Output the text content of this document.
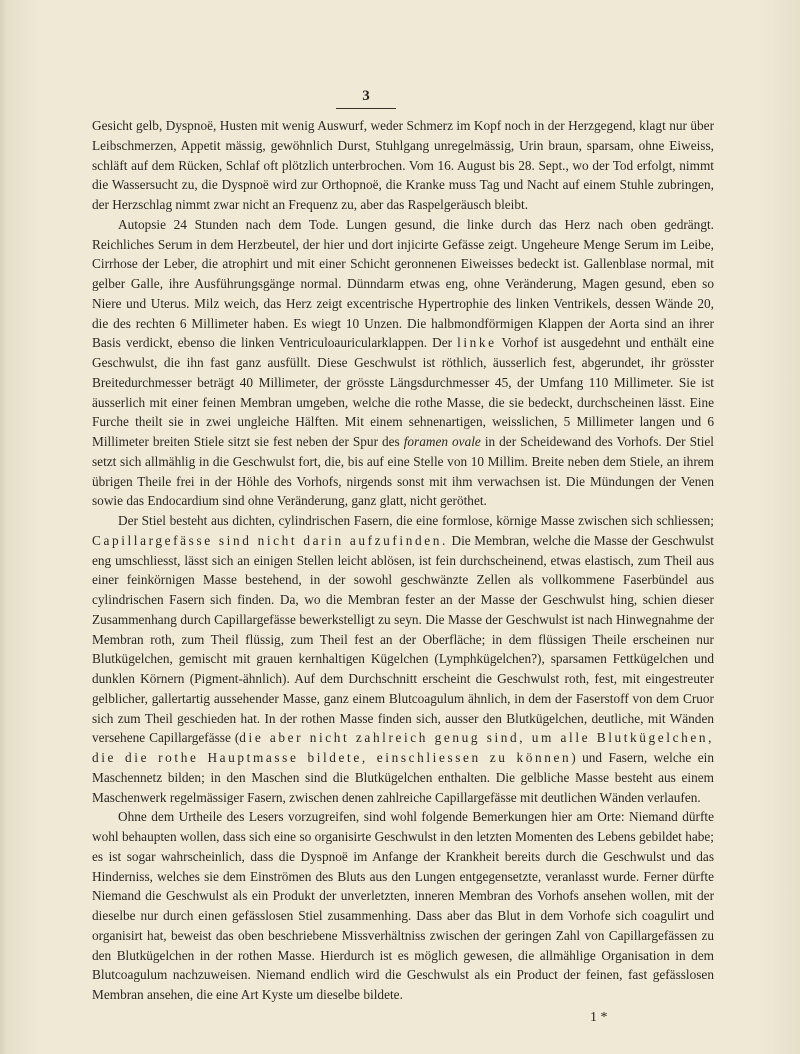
3

Gesicht gelb, Dyspnoë, Husten mit wenig Auswurf, weder Schmerz im Kopf noch in der Herzgegend, klagt nur über Leibschmerzen, Appetit mässig, gewöhnlich Durst, Stuhlgang unregelmässig, Urin braun, sparsam, ohne Eiweiss, schläft auf dem Rücken, Schlaf oft plötzlich unterbrochen. Vom 16. August bis 28. Sept., wo der Tod erfolgt, nimmt die Wassersucht zu, die Dyspnoë wird zur Orthopnoë, die Kranke muss Tag und Nacht auf einem Stuhle zubringen, der Herzschlag nimmt zwar nicht an Frequenz zu, aber das Raspelgeräusch bleibt.

Autopsie 24 Stunden nach dem Tode. Lungen gesund, die linke durch das Herz nach oben gedrängt. Reichliches Serum in dem Herzbeutel, der hier und dort injicirte Gefässe zeigt. Ungeheure Menge Serum im Leibe, Cirrhose der Leber, die atrophirt und mit einer Schicht geronnenen Eiweisses bedeckt ist. Gallenblase normal, mit gelber Galle, ihre Ausführungsgänge normal. Dünndarm etwas eng, ohne Veränderung, Magen gesund, eben so Niere und Uterus. Milz weich, das Herz zeigt excentrische Hypertrophie des linken Ventrikels, dessen Wände 20, die des rechten 6 Millimeter haben. Es wiegt 10 Unzen. Die halbmondförmigen Klappen der Aorta sind an ihrer Basis verdickt, ebenso die linken Ventriculoauricularklappen. Der linke Vorhof ist ausgedehnt und enthält eine Geschwulst, die ihn fast ganz ausfüllt. Diese Geschwulst ist röthlich, äusserlich fest, abgerundet, ihr grösster Breitedurchmesser beträgt 40 Millimeter, der grösste Längsdurchmesser 45, der Umfang 110 Millimeter. Sie ist äusserlich mit einer feinen Membran umgeben, welche die rothe Masse, die sie bedeckt, durchscheinen lässt. Eine Furche theilt sie in zwei ungleiche Hälften. Mit einem sehnenartigen, weisslichen, 5 Millimeter langen und 6 Millimeter breiten Stiele sitzt sie fest neben der Spur des foramen ovale in der Scheidewand des Vorhofs. Der Stiel setzt sich allmählig in die Geschwulst fort, die, bis auf eine Stelle von 10 Millim. Breite neben dem Stiele, an ihrem übrigen Theile frei in der Höhle des Vorhofs, nirgends sonst mit ihm verwachsen ist. Die Mündungen der Venen sowie das Endocardium sind ohne Veränderung, ganz glatt, nicht geröthet.

Der Stiel besteht aus dichten, cylindrischen Fasern, die eine formlose, körnige Masse zwischen sich schliessen; Capillargefässe sind nicht darin aufzufinden. Die Membran, welche die Masse der Geschwulst eng umschliesst, lässt sich an einigen Stellen leicht ablösen, ist fein durchscheinend, etwas elastisch, zum Theil aus einer feinkörnigen Masse bestehend, in der sowohl geschwänzte Zellen als vollkommene Faserbündel aus cylindrischen Fasern sich finden. Da, wo die Membran fester an der Masse der Geschwulst hing, schien dieser Zusammenhang durch Capillargefässe bewerkstelligt zu seyn. Die Masse der Geschwulst ist nach Hinwegnahme der Membran roth, zum Theil flüssig, zum Theil fest an der Oberfläche; in dem flüssigen Theile erscheinen nur Blutkügelchen, gemischt mit grauen kernhaltigen Kügelchen (Lymphkügelchen?), sparsamen Fettkügelchen und dunklen Körnern (Pigment-ähnlich). Auf dem Durchschnitt erscheint die Geschwulst roth, fest, mit eingestreuter gelblicher, gallertartig aussehender Masse, ganz einem Blutcoagulum ähnlich, in dem der Faserstoff von dem Cruor sich zum Theil geschieden hat. In der rothen Masse finden sich, ausser den Blutkügelchen, deutliche, mit Wänden versehene Capillargefässe (die aber nicht zahlreich genug sind, um alle Blutkügelchen, die die rothe Hauptmasse bildete, einschliessen zu können) und Fasern, welche ein Maschennetz bilden; in den Maschen sind die Blutkügelchen enthalten. Die gelbliche Masse besteht aus einem Maschenwerk regelmässiger Fasern, zwischen denen zahlreiche Capillargefässe mit deutlichen Wänden verlaufen.

Ohne dem Urtheile des Lesers vorzugreifen, sind wohl folgende Bemerkungen hier am Orte: Niemand dürfte wohl behaupten wollen, dass sich eine so organisirte Geschwulst in den letzten Momenten des Lebens gebildet habe; es ist sogar wahrscheinlich, dass die Dyspnoë im Anfange der Krankheit bereits durch die Geschwulst und das Hinderniss, welches sie dem Einströmen des Bluts aus den Lungen entgegensetzte, veranlasst wurde. Ferner dürfte Niemand die Geschwulst als ein Produkt der unverletzten, inneren Membran des Vorhofs ansehen wollen, mit der dieselbe nur durch einen gefässlosen Stiel zusammenhing. Dass aber das Blut in dem Vorhofe sich coagulirt und organisirt hat, beweist das oben beschriebene Missverhältniss zwischen der geringen Zahl von Capillargefässen zu den Blutkügelchen in der rothen Masse. Hierdurch ist es möglich gewesen, die allmählige Organisation in dem Blutcoagulum nachzuweisen. Niemand endlich wird die Geschwulst als ein Product der feinen, fast gefässlosen Membran ansehen, die eine Art Kyste um dieselbe bildete.

1 *
